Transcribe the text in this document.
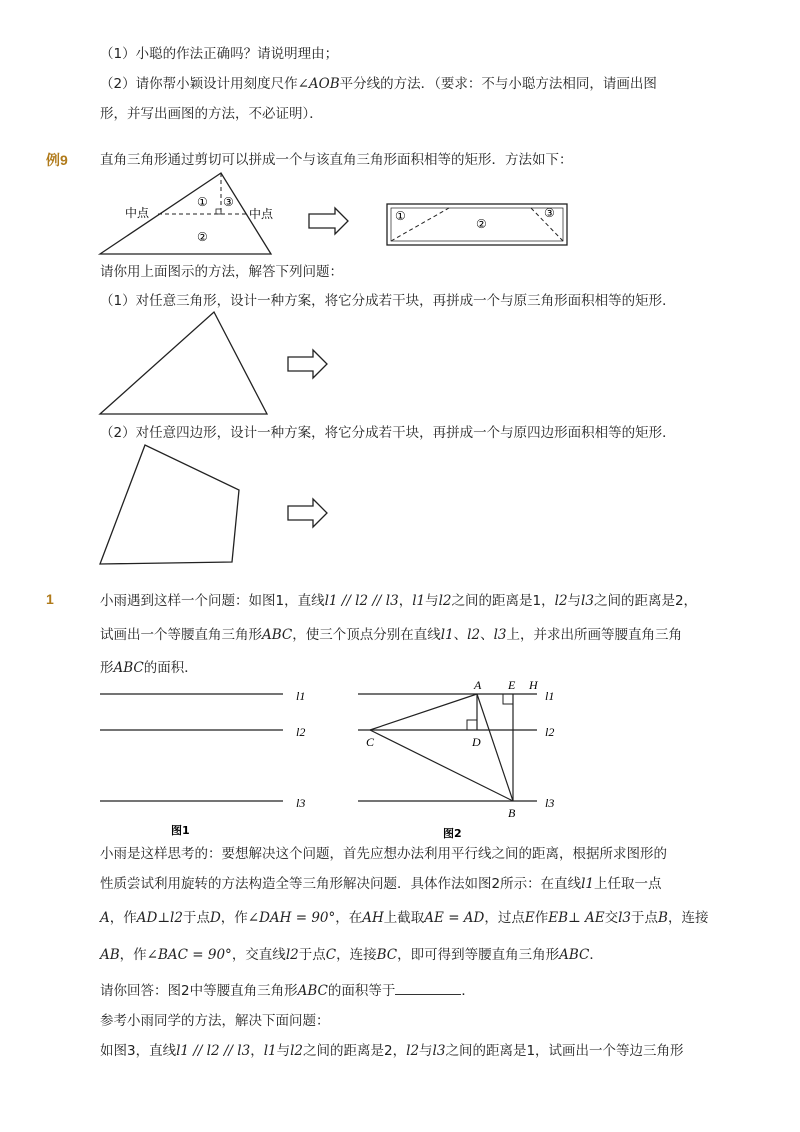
（1）小聪的作法正确吗？请说明理由；
（2）请你帮小颖设计用刻度尺作∠AOB平分线的方法．（要求：不与小聪方法相同，请画出图
形，并写出画图的方法，不必证明）．
例9 直角三角形通过剪切可以拼成一个与该直角三角形面积相等的矩形．方法如下：
中点	中点
① ③
②
①
②
③
请你用上面图示的方法，解答下列问题：
（1）对任意三角形，设计一种方案，将它分成若干块，再拼成一个与原三角形面积相等的矩形．
（2）对任意四边形，设计一种方案，将它分成若干块，再拼成一个与原四边形面积相等的矩形．
1	小雨遇到这样一个问题：如图1，直线l1 // l2 // l3，l1与l2之间的距离是1，l2与l3之间的距离是2，
试画出一个等腰直角三角形ABC，使三个顶点分别在直线l1、l2、l3上，并求出所画等腰直角三角
形ABC的面积．
l1
l2
l3
图1
A E H
C	D
B
l1
l2
l3
图2
小雨是这样思考的：要想解决这个问题，首先应想办法利用平行线之间的距离，根据所求图形的
性质尝试利用旋转的方法构造全等三角形解决问题．具体作法如图2所示：在直线l1上任取一点
A，作AD⊥l2于点D，作∠DAH = 90°，在AH上截取AE = AD，过点E作EB⊥ AE交l3于点B，连接
AB，作∠BAC = 90°，交直线l2于点C，连接BC，即可得到等腰直角三角形ABC．
请你回答：图2中等腰直角三角形ABC的面积等于	．
参考小雨同学的方法，解决下面问题：
如图3，直线l1 // l2 // l3，l1与l2之间的距离是2，l2与l3之间的距离是1，试画出一个等边三角形
